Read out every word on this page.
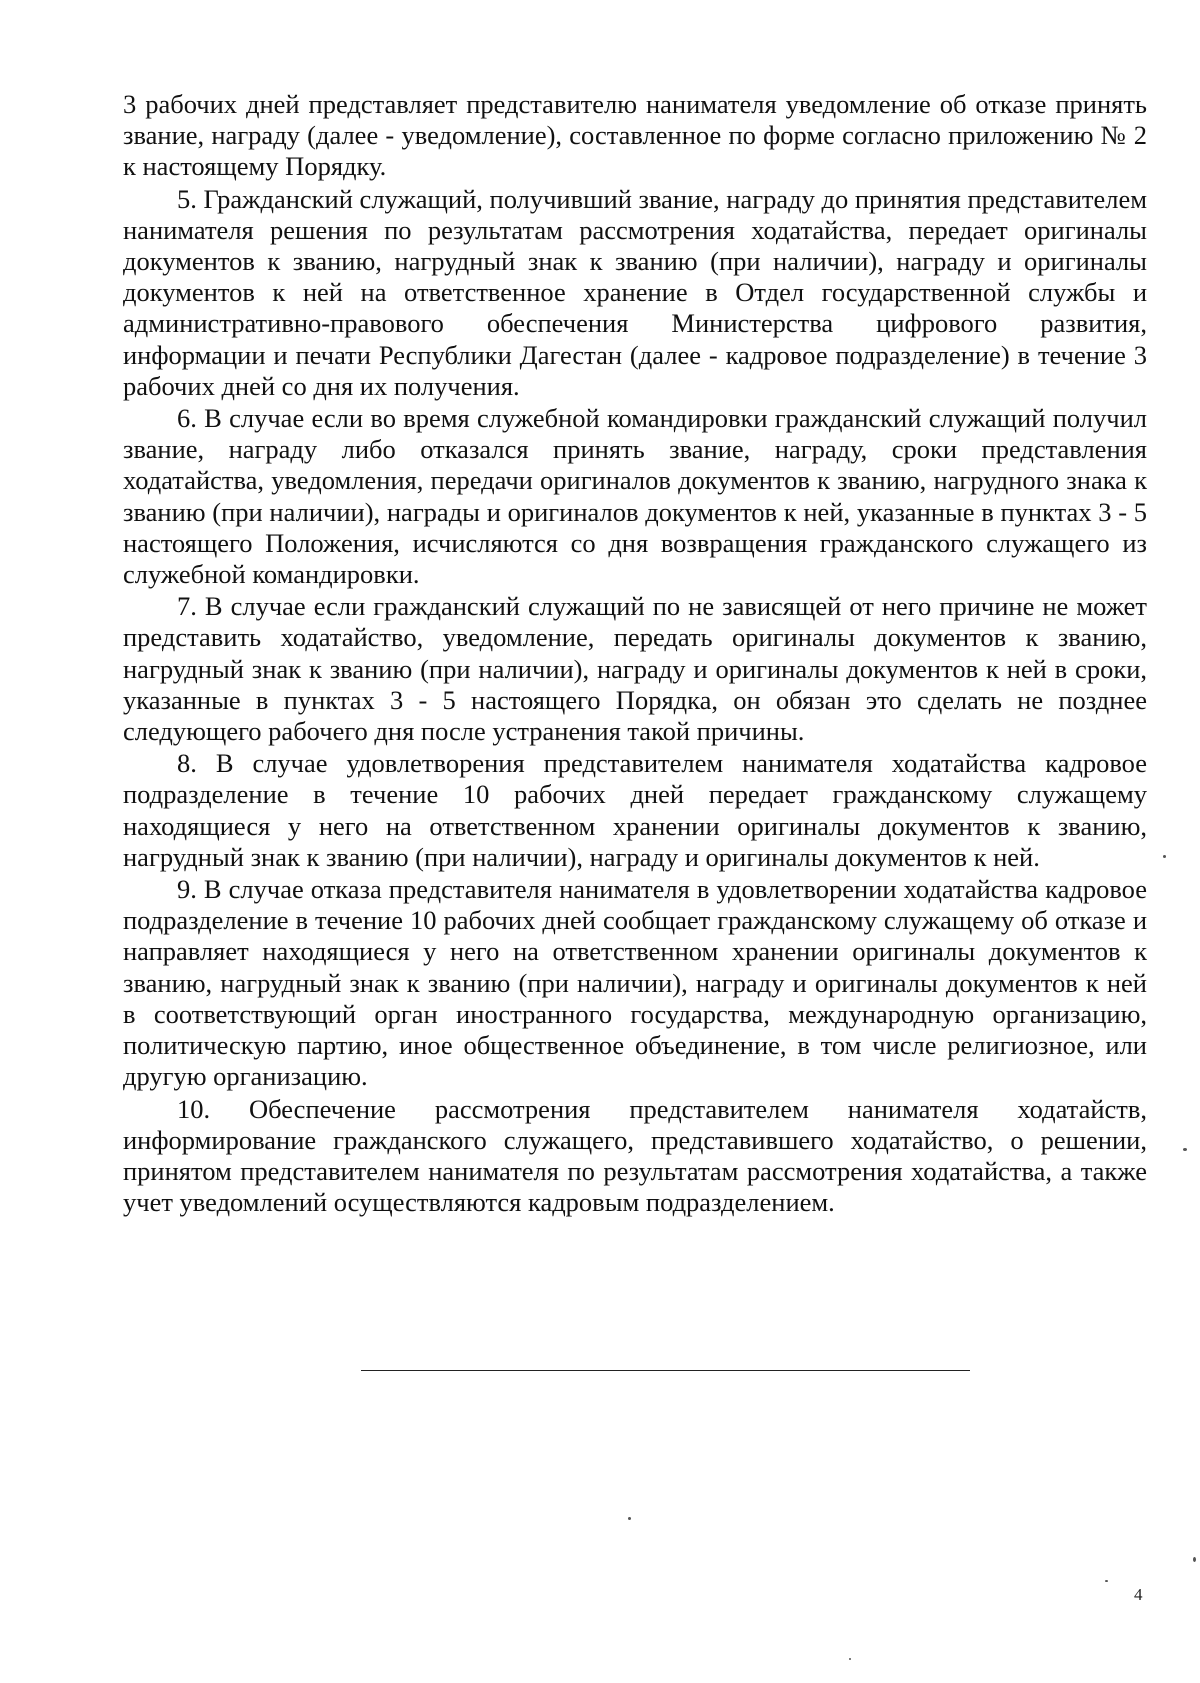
3 рабочих дней представляет представителю нанимателя уведомление об отказе принять звание, награду (далее - уведомление), составленное по форме согласно приложению № 2 к настоящему Порядку.

5. Гражданский служащий, получивший звание, награду до принятия представителем нанимателя решения по результатам рассмотрения ходатайства, передает оригиналы документов к званию, нагрудный знак к званию (при наличии), награду и оригиналы документов к ней на ответственное хранение в Отдел государственной службы и административно-правового обеспечения Министерства цифрового развития, информации и печати Республики Дагестан (далее - кадровое подразделение) в течение 3 рабочих дней со дня их получения.

6. В случае если во время служебной командировки гражданский служащий получил звание, награду либо отказался принять звание, награду, сроки представления ходатайства, уведомления, передачи оригиналов документов к званию, нагрудного знака к званию (при наличии), награды и оригиналов документов к ней, указанные в пунктах 3 - 5 настоящего Положения, исчисляются со дня возвращения гражданского служащего из служебной командировки.

7. В случае если гражданский служащий по не зависящей от него причине не может представить ходатайство, уведомление, передать оригиналы документов к званию, нагрудный знак к званию (при наличии), награду и оригиналы документов к ней в сроки, указанные в пунктах 3 - 5 настоящего Порядка, он обязан это сделать не позднее следующего рабочего дня после устранения такой причины.

8. В случае удовлетворения представителем нанимателя ходатайства кадровое подразделение в течение 10 рабочих дней передает гражданскому служащему находящиеся у него на ответственном хранении оригиналы документов к званию, нагрудный знак к званию (при наличии), награду и оригиналы документов к ней.

9. В случае отказа представителя нанимателя в удовлетворении ходатайства кадровое подразделение в течение 10 рабочих дней сообщает гражданскому служащему об отказе и направляет находящиеся у него на ответственном хранении оригиналы документов к званию, нагрудный знак к званию (при наличии), награду и оригиналы документов к ней в соответствующий орган иностранного государства, международную организацию, политическую партию, иное общественное объединение, в том числе религиозное, или другую организацию.

10. Обеспечение рассмотрения представителем нанимателя ходатайств, информирование гражданского служащего, представившего ходатайство, о решении, принятом представителем нанимателя по результатам рассмотрения ходатайства, а также учет уведомлений осуществляются кадровым подразделением.

4
